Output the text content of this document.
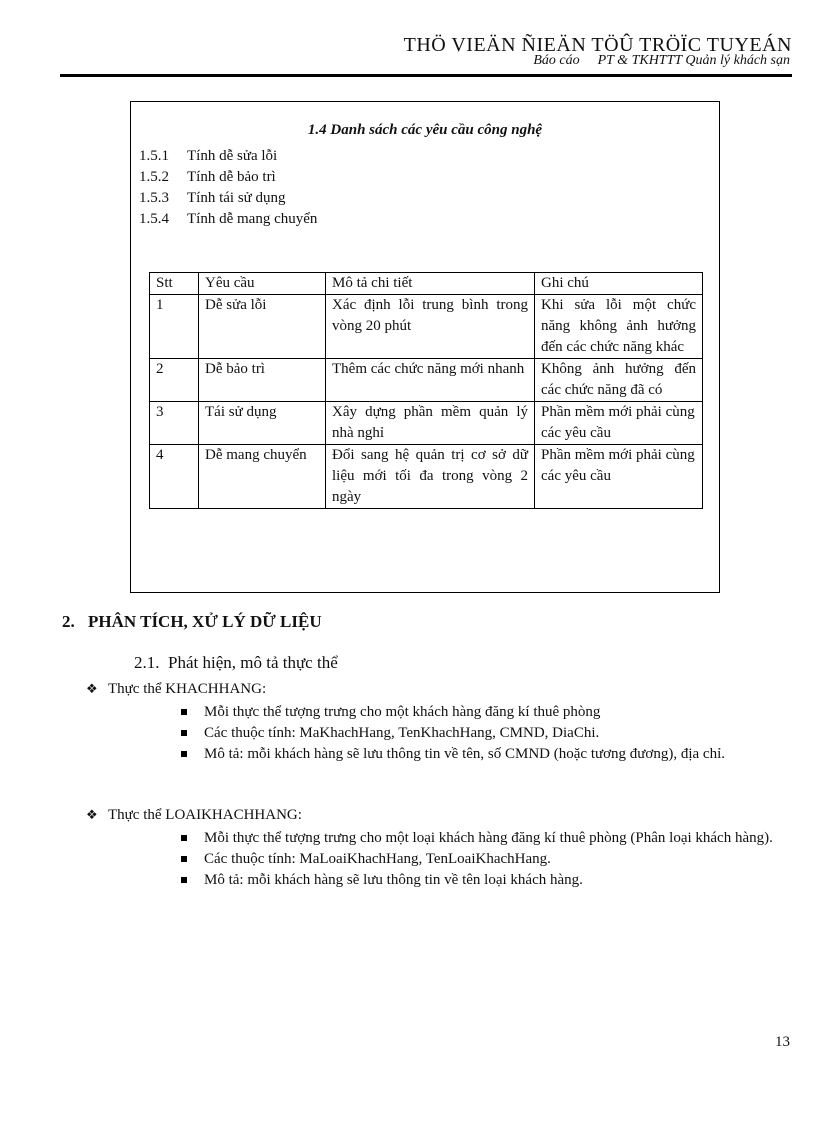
THÖ VIEÄN ÑIEÄN TÖÛ TRÖÏC TUYEÁN
Báo cáo PT & TKHTTT Quản lý khách sạn
1.4 Danh sách các yêu cầu công nghệ
1.5.1 Tính dễ sửa lỗi
1.5.2 Tính dễ bảo trì
1.5.3 Tính tái sử dụng
1.5.4 Tính dễ mang chuyển
Stt	Yêu cầu	Mô tả chi tiết	Ghi chú
1	Dễ sửa lỗi	Xác định lỗi trung bình trong vòng 20 phút	Khi sửa lỗi một chức năng không ảnh hưởng đến các chức năng khác
2	Dễ bảo trì	Thêm các chức năng mới nhanh	Không ảnh hưởng đến các chức năng đã có
3	Tái sử dụng	Xây dựng phần mềm quản lý nhà nghỉ	Phần mềm mới phải cùng các yêu cầu
4	Dễ mang chuyển	Đổi sang hệ quản trị cơ sở dữ liệu mới tối đa trong vòng 2 ngày	Phần mềm mới phải cùng các yêu cầu
2. PHÂN TÍCH, XỬ LÝ DỮ LIỆU
2.1. Phát hiện, mô tả thực thể
❖ Thực thể KHACHHANG:
Mỗi thực thể tượng trưng cho một khách hàng đăng kí thuê phòng
Các thuộc tính: MaKhachHang, TenKhachHang, CMND, DiaChi.
Mô tả: mỗi khách hàng sẽ lưu thông tin về tên, số CMND (hoặc tương đương), địa chỉ.
❖ Thực thể LOAIKHACHHANG:
Mỗi thực thể tượng trưng cho một loại khách hàng đăng kí thuê phòng (Phân loại khách hàng).
Các thuộc tính: MaLoaiKhachHang, TenLoaiKhachHang.
Mô tả: mỗi khách hàng sẽ lưu thông tin về tên loại khách hàng.
13
